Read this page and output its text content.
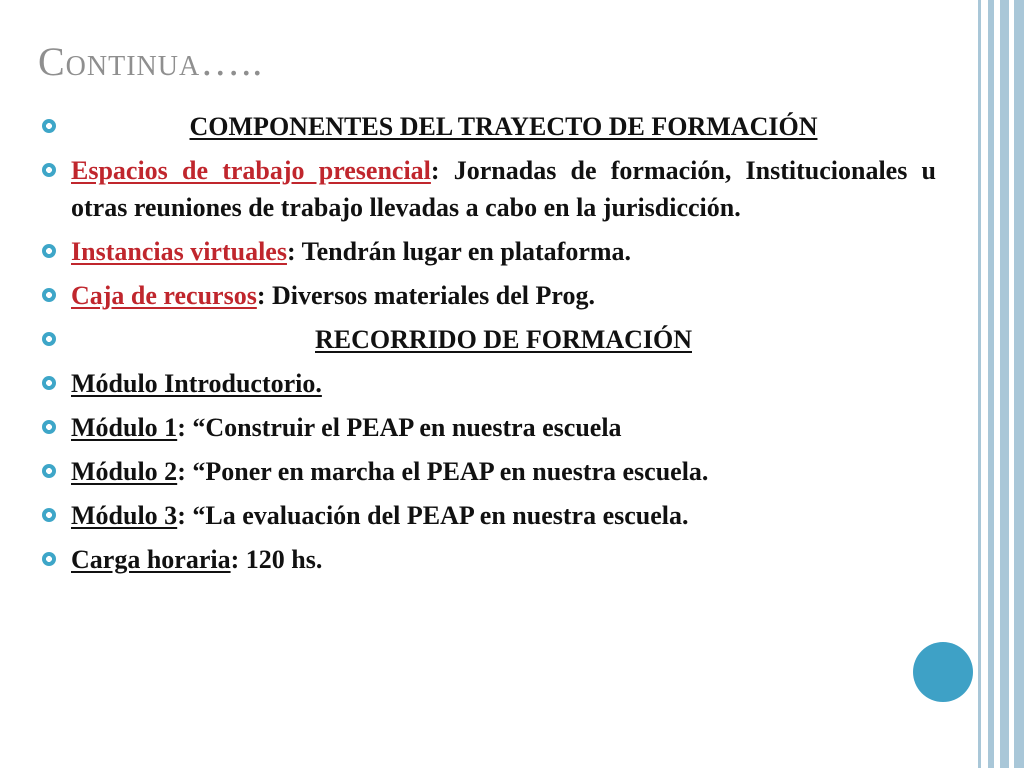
Continua…..
COMPONENTES DEL TRAYECTO DE FORMACIÓN
Espacios de trabajo presencial: Jornadas de formación, Institucionales u otras reuniones de trabajo llevadas a cabo en la jurisdicción.
Instancias virtuales: Tendrán lugar en plataforma.
Caja de recursos: Diversos materiales del Prog.
RECORRIDO DE FORMACIÓN
Módulo Introductorio.
Módulo 1: “Construir el PEAP en nuestra escuela
Módulo 2: “Poner en marcha el PEAP en nuestra escuela.
Módulo 3: “La evaluación del PEAP en nuestra escuela.
Carga horaria: 120 hs.
